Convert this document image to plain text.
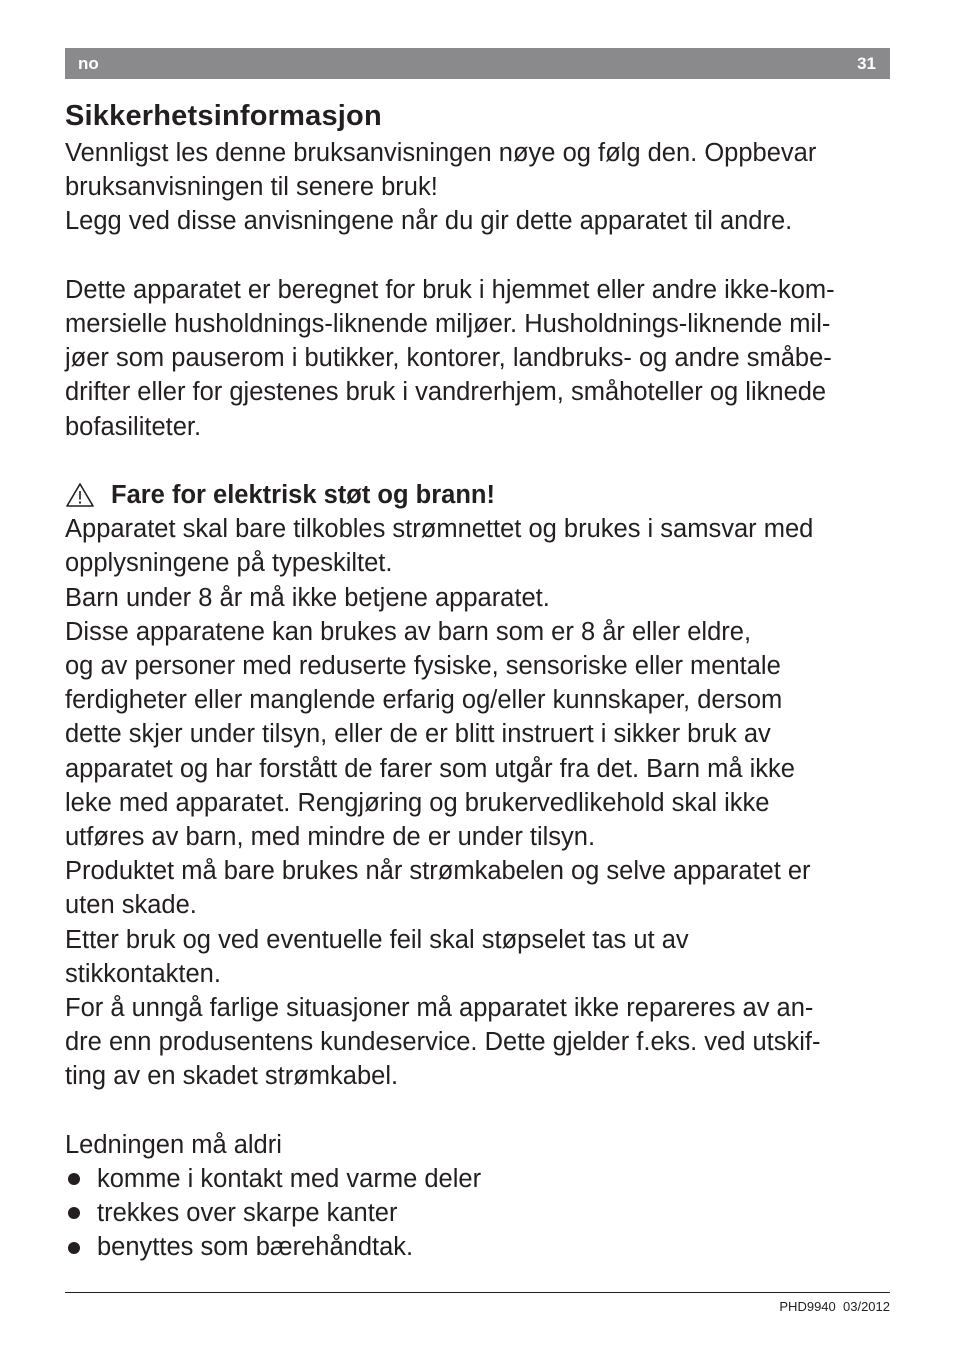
no	31
Sikkerhetsinformasjon
Vennligst les denne bruksanvisningen nøye og følg den. Oppbevar
bruksanvisningen til senere bruk!
Legg ved disse anvisningene når du gir dette apparatet til andre.
Dette apparatet er beregnet for bruk i hjemmet eller andre ikke-kom-
mersielle husholdnings-liknende miljøer. Husholdnings-liknende mil-
jøer som pauserom i butikker, kontorer, landbruks- og andre småbe-
drifter eller for gjestenes bruk i vandrerhjem, småhoteller og liknede
bofasiliteter.
Fare for elektrisk støt og brann!
Apparatet skal bare tilkobles strømnettet og brukes i samsvar med
opplysningene på typeskiltet.
Barn under 8 år må ikke betjene apparatet.
Disse apparatene kan brukes av barn som er 8 år eller eldre,
og av personer med reduserte fysiske, sensoriske eller mentale
ferdigheter eller manglende erfarig og/eller kunnskaper, dersom
dette skjer under tilsyn, eller de er blitt instruert i sikker bruk av
apparatet og har forstått de farer som utgår fra det. Barn må ikke
leke med apparatet. Rengjøring og brukervedlikehold skal ikke
utføres av barn, med mindre de er under tilsyn.
Produktet må bare brukes når strømkabelen og selve apparatet er
uten skade.
Etter bruk og ved eventuelle feil skal støpselet tas ut av
stikkontakten.
For å unngå farlige situasjoner må apparatet ikke repareres av an-
dre enn produsentens kundeservice. Dette gjelder f.eks. ved utskif-
ting av en skadet strømkabel.
Ledningen må aldri
komme i kontakt med varme deler
trekkes over skarpe kanter
benyttes som bærehåndtak.
PHD9940 03/2012
